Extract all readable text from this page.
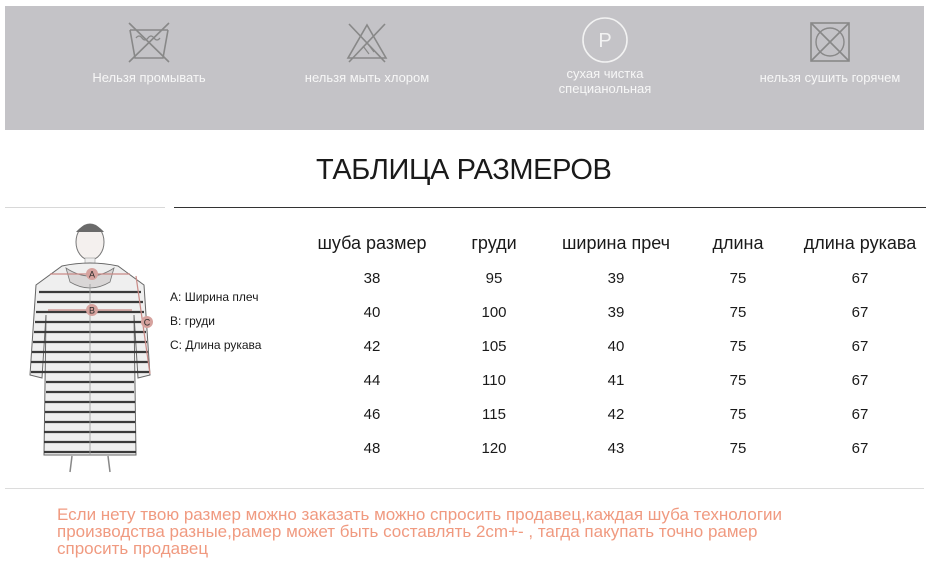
Нельзя промывать	нельзя мыть хлором
P
сухая чистка
специанольная
нельзя сушить горячем
ТАБЛИЦА РАЗМЕРОВ
A
B
C
A: Ширина плеч
B: груди
C: Длина рукава
шуба размер	груди	ширина преч	длина	длина рукава
38	95	39	75	67
40	100	39	75	67
42	105	40	75	67
44	110	41	75	67
46	115	42	75	67
48	120	43	75	67
Если нету твою размер можно заказать можно спросить продавец,каждая шуба технологии
производства разные,рамер может быть составлять 2cm+- , тагда пакупать точно рамер
спросить продавец
